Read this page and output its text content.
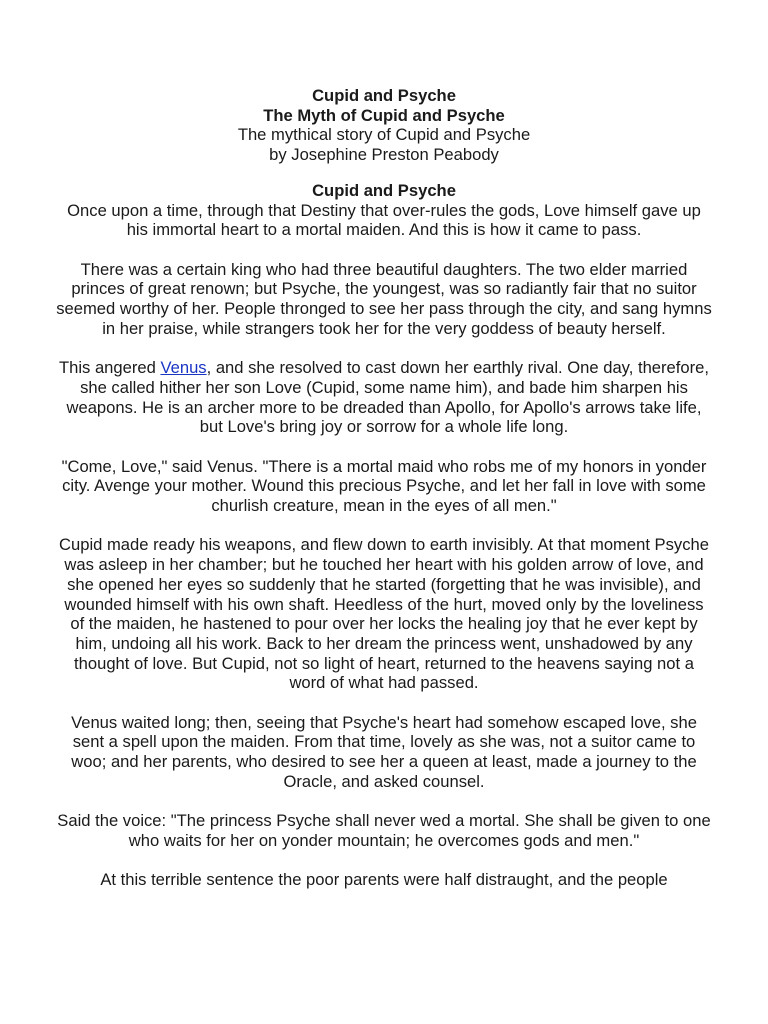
Cupid and Psyche
The Myth of Cupid and Psyche
The mythical story of Cupid and Psyche
by Josephine Preston Peabody
Cupid and Psyche

Once upon a time, through that Destiny that over-rules the gods, Love himself gave up his immortal heart to a mortal maiden. And this is how it came to pass.

There was a certain king who had three beautiful daughters. The two elder married princes of great renown; but Psyche, the youngest, was so radiantly fair that no suitor seemed worthy of her. People thronged to see her pass through the city, and sang hymns in her praise, while strangers took her for the very goddess of beauty herself.

This angered Venus, and she resolved to cast down her earthly rival. One day, therefore, she called hither her son Love (Cupid, some name him), and bade him sharpen his weapons. He is an archer more to be dreaded than Apollo, for Apollo's arrows take life, but Love's bring joy or sorrow for a whole life long.

"Come, Love," said Venus. "There is a mortal maid who robs me of my honors in yonder city. Avenge your mother. Wound this precious Psyche, and let her fall in love with some churlish creature, mean in the eyes of all men."

Cupid made ready his weapons, and flew down to earth invisibly. At that moment Psyche was asleep in her chamber; but he touched her heart with his golden arrow of love, and she opened her eyes so suddenly that he started (forgetting that he was invisible), and wounded himself with his own shaft. Heedless of the hurt, moved only by the loveliness of the maiden, he hastened to pour over her locks the healing joy that he ever kept by him, undoing all his work. Back to her dream the princess went, unshadowed by any thought of love. But Cupid, not so light of heart, returned to the heavens saying not a word of what had passed.

Venus waited long; then, seeing that Psyche's heart had somehow escaped love, she sent a spell upon the maiden. From that time, lovely as she was, not a suitor came to woo; and her parents, who desired to see her a queen at least, made a journey to the Oracle, and asked counsel.

Said the voice: "The princess Psyche shall never wed a mortal. She shall be given to one who waits for her on yonder mountain; he overcomes gods and men."

At this terrible sentence the poor parents were half distraught, and the people
